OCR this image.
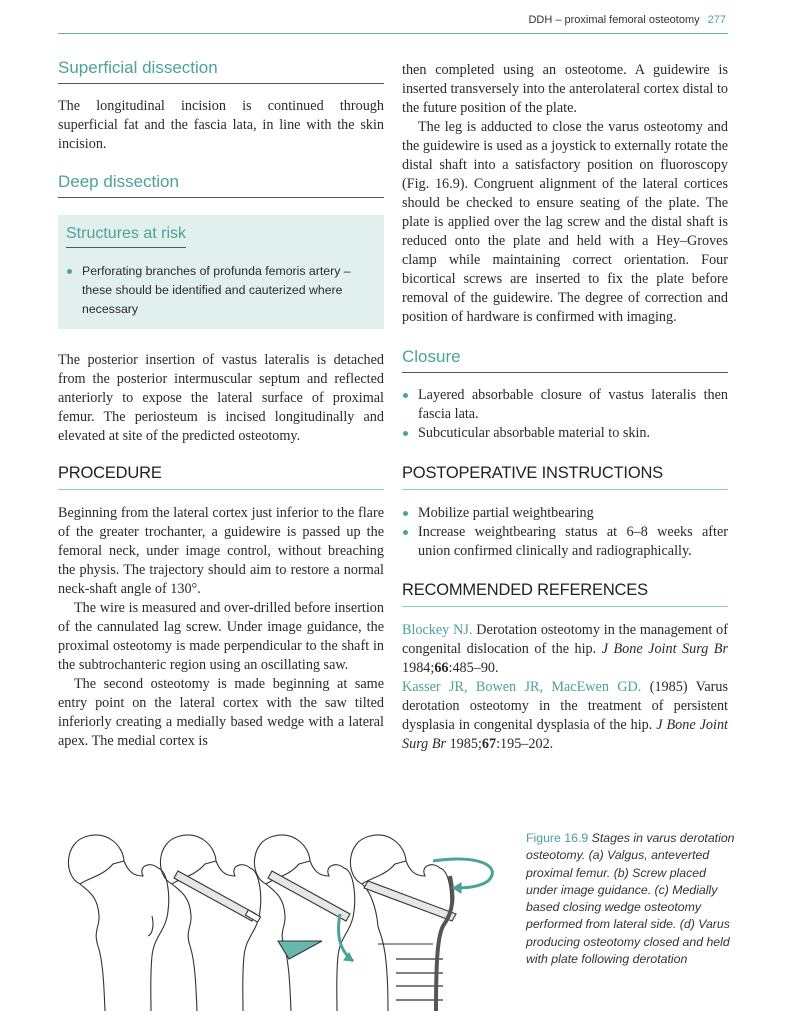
DDH – proximal femoral osteotomy 277
Superficial dissection

The longitudinal incision is continued through superficial fat and the fascia lata, in line with the skin incision.

Deep dissection
Structures at risk
Perforating branches of profunda femoris artery – these should be identified and cauterized where necessary

The posterior insertion of vastus lateralis is detached from the posterior intermuscular septum and reflected anteriorly to expose the lateral surface of proximal femur. The periosteum is incised longitudinally and elevated at site of the predicted osteotomy.

PROCEDURE

Beginning from the lateral cortex just inferior to the flare of the greater trochanter, a guidewire is passed up the femoral neck, under image control, without breaching the physis. The trajectory should aim to restore a normal neck-shaft angle of 130°.

The wire is measured and over-drilled before insertion of the cannulated lag screw. Under image guidance, the proximal osteotomy is made perpendicular to the shaft in the subtrochanteric region using an oscillating saw.

The second osteotomy is made beginning at same entry point on the lateral cortex with the saw tilted inferiorly creating a medially based wedge with a lateral apex. The medial cortex is

then completed using an osteotome. A guidewire is inserted transversely into the anterolateral cortex distal to the future position of the plate.

The leg is adducted to close the varus osteotomy and the guidewire is used as a joystick to externally rotate the distal shaft into a satisfactory position on fluoroscopy (Fig. 16.9). Congruent alignment of the lateral cortices should be checked to ensure seating of the plate. The plate is applied over the lag screw and the distal shaft is reduced onto the plate and held with a Hey–Groves clamp while maintaining correct orientation. Four bicortical screws are inserted to fix the plate before removal of the guidewire. The degree of correction and position of hardware is confirmed with imaging.

Closure
Layered absorbable closure of vastus lateralis then fascia lata.
Subcuticular absorbable material to skin.
POSTOPERATIVE INSTRUCTIONS
Mobilize partial weightbearing
Increase weightbearing status at 6–8 weeks after union confirmed clinically and radiographically.
RECOMMENDED REFERENCES

Blockey NJ. Derotation osteotomy in the management of congenital dislocation of the hip. J Bone Joint Surg Br 1984;66:485–90.

Kasser JR, Bowen JR, MacEwen GD. (1985) Varus derotation osteotomy in the treatment of persistent dysplasia in congenital dysplasia of the hip. J Bone Joint Surg Br 1985;67:195–202.

Figure 16.9 Stages in varus derotation osteotomy. (a) Valgus, anteverted proximal femur. (b) Screw placed under image guidance. (c) Medially based closing wedge osteotomy performed from lateral side. (d) Varus producing osteotomy closed and held with plate following derotation
